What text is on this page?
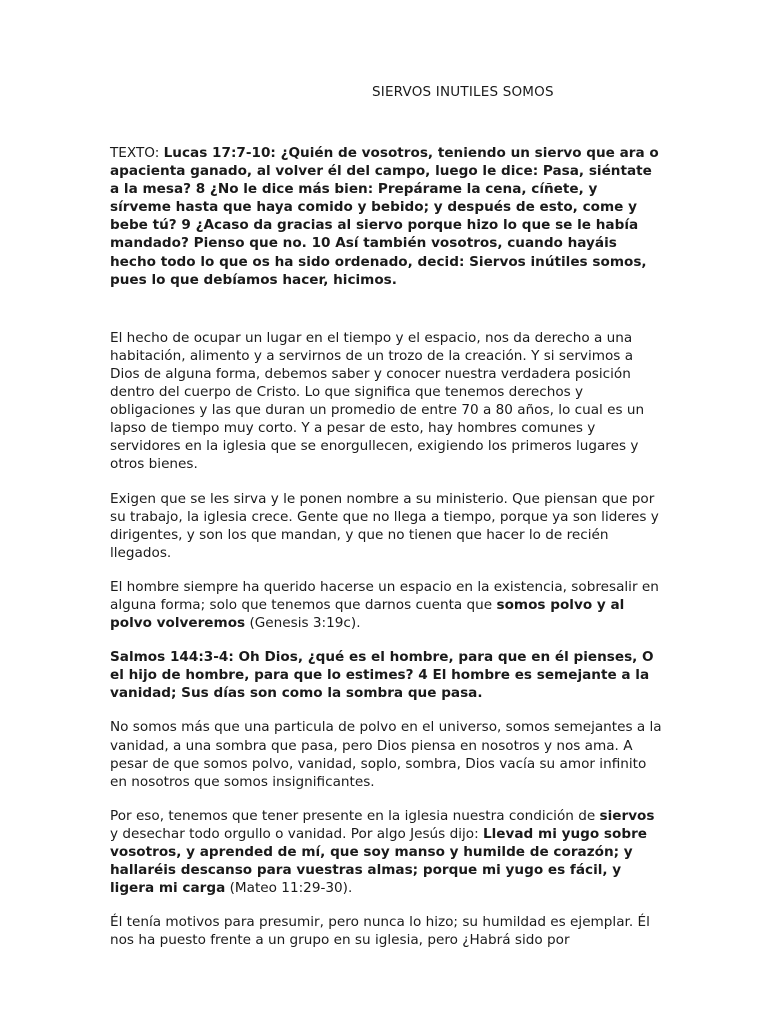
SIERVOS INUTILES SOMOS

TEXTO: Lucas 17:7-10: ¿Quién de vosotros, teniendo un siervo que ara o apacienta ganado, al volver él del campo, luego le dice: Pasa, siéntate a la mesa? 8 ¿No le dice más bien: Prepárame la cena, cíñete, y sírveme hasta que haya comido y bebido; y después de esto, come y bebe tú? 9 ¿Acaso da gracias al siervo porque hizo lo que se le había mandado? Pienso que no. 10 Así también vosotros, cuando hayáis hecho todo lo que os ha sido ordenado, decid: Siervos inútiles somos, pues lo que debíamos hacer, hicimos.

El hecho de ocupar un lugar en el tiempo y el espacio, nos da derecho a una habitación, alimento y a servirnos de un trozo de la creación. Y si servimos a Dios de alguna forma, debemos saber y conocer nuestra verdadera posición dentro del cuerpo de Cristo. Lo que significa que tenemos derechos y obligaciones y las que duran un promedio de entre 70 a 80 años, lo cual es un lapso de tiempo muy corto. Y a pesar de esto, hay hombres comunes y servidores en la iglesia que se enorgullecen, exigiendo los primeros lugares y otros bienes.

Exigen que se les sirva y le ponen nombre a su ministerio. Que piensan que por su trabajo, la iglesia crece. Gente que no llega a tiempo, porque ya son lideres y dirigentes, y son los que mandan, y que no tienen que hacer lo de recién llegados.

El hombre siempre ha querido hacerse un espacio en la existencia, sobresalir en alguna forma; solo que tenemos que darnos cuenta que somos polvo y al polvo volveremos (Genesis 3:19c).

Salmos 144:3-4: Oh Dios, ¿qué es el hombre, para que en él pienses, O el hijo de hombre, para que lo estimes? 4 El hombre es semejante a la vanidad; Sus días son como la sombra que pasa.

No somos más que una particula de polvo en el universo, somos semejantes a la vanidad, a una sombra que pasa, pero Dios piensa en nosotros y nos ama. A pesar de que somos polvo, vanidad, soplo, sombra, Dios vacía su amor infinito en nosotros que somos insignificantes.

Por eso, tenemos que tener presente en la iglesia nuestra condición de siervos y desechar todo orgullo o vanidad. Por algo Jesús dijo: Llevad mi yugo sobre vosotros, y aprended de mí, que soy manso y humilde de corazón; y hallaréis descanso para vuestras almas; porque mi yugo es fácil, y ligera mi carga (Mateo 11:29-30).

Él tenía motivos para presumir, pero nunca lo hizo; su humildad es ejemplar. Él nos ha puesto frente a un grupo en su iglesia, pero ¿Habrá sido por
